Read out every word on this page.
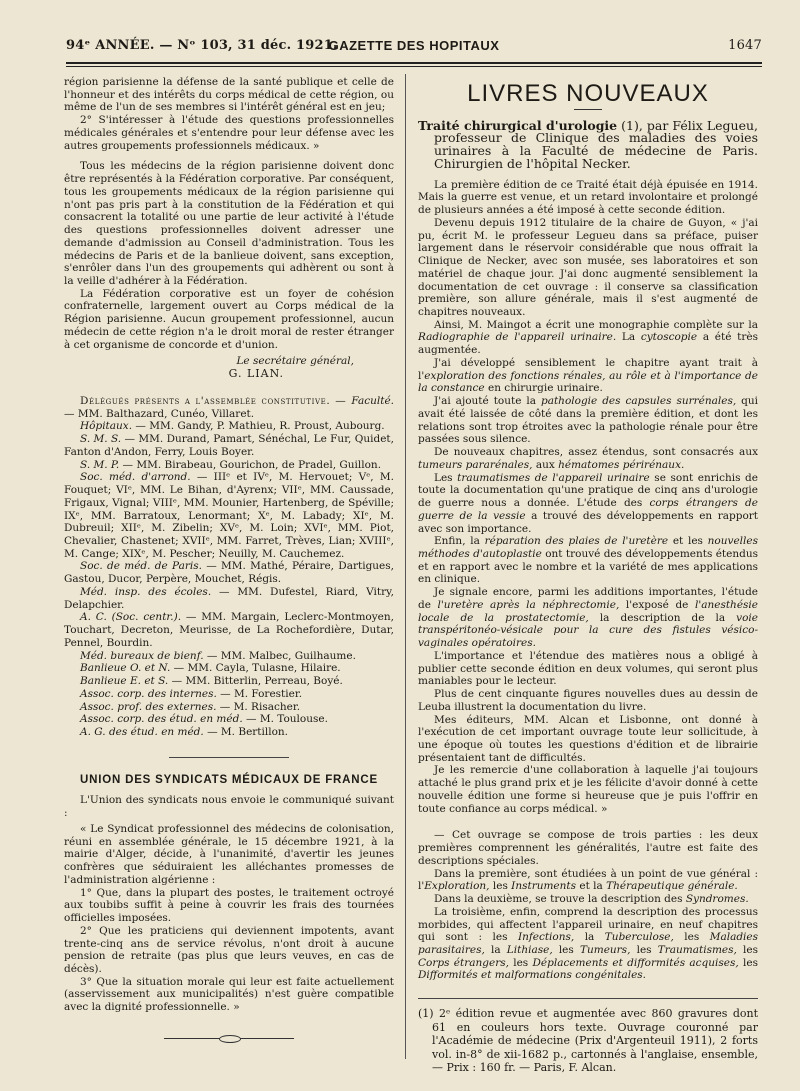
94ᵉ ANNÉE. — Nᵒ 103, 31 déc. 1921.
GAZETTE DES HOPITAUX	1647

région parisienne la défense de la santé publique et celle de l'honneur et des intérêts du corps médical de cette région, ou même de l'un de ses membres si l'intérêt général est en jeu;

2° S'intéresser à l'étude des questions professionnelles médicales générales et s'entendre pour leur défense avec les autres groupements professionnels médicaux. »

Tous les médecins de la région parisienne doivent donc être représentés à la Fédération corporative. Par conséquent, tous les groupements médicaux de la région parisienne qui n'ont pas pris part à la constitution de la Fédération et qui consacrent la totalité ou une partie de leur activité à l'étude des questions professionnelles doivent adresser une demande d'admission au Conseil d'administration. Tous les médecins de Paris et de la banlieue doivent, sans exception, s'enrôler dans l'un des groupements qui adhèrent ou sont à la veille d'adhérer à la Fédération.

La Fédération corporative est un foyer de cohésion confraternelle, largement ouvert au Corps médical de la Région parisienne. Aucun groupement professionnel, aucun médecin de cette région n'a le droit moral de rester étranger à cet organisme de concorde et d'union.

Le secrétaire général,

G. LIAN.

Délégués présents a l'assemblée constitutive. — Faculté. — MM. Balthazard, Cunéo, Villaret.

Hôpitaux. — MM. Gandy, P. Mathieu, R. Proust, Aubourg.

S. M. S. — MM. Durand, Pamart, Sénéchal, Le Fur, Quidet, Fanton d'Andon, Ferry, Louis Boyer.

S. M. P. — MM. Birabeau, Gourichon, de Pradel, Guillon.

Soc. méd. d'arrond. — IIIᵉ et IVᵉ, M. Hervouet; Vᵉ, M. Fouquet; VIᵉ, MM. Le Bihan, d'Ayrenx; VIIᵉ, MM. Caussade, Frigaux, Vignal; VIIIᵉ, MM. Mounier, Hartenberg, de Spéville; IXᵉ, MM. Barratoux, Lenormant; Xᵉ, M. Labady; XIᵉ, M. Dubreuil; XIIᵉ, M. Zibelin; XVᵉ, M. Loin; XVIᵉ, MM. Piot, Chevalier, Chastenet; XVIIᵉ, MM. Farret, Trèves, Lian; XVIIIᵉ, M. Cange; XIXᵉ, M. Pescher; Neuilly, M. Cauchemez.

Soc. de méd. de Paris. — MM. Mathé, Péraire, Dartigues, Gastou, Ducor, Perpère, Mouchet, Régis.

Méd. insp. des écoles. — MM. Dufestel, Riard, Vitry, Delapchier.

A. C. (Soc. centr.). — MM. Margain, Leclerc-Montmoyen, Touchart, Decreton, Meurisse, de La Rochefordière, Dutar, Pennel, Bourdin.

Méd. bureaux de bienf. — MM. Malbec, Guilhaume.

Banlieue O. et N. — MM. Cayla, Tulasne, Hilaire.

Banlieue E. et S. — MM. Bitterlin, Perreau, Boyé.

Assoc. corp. des internes. — M. Forestier.

Assoc. prof. des externes. — M. Risacher.

Assoc. corp. des étud. en méd. — M. Toulouse.

A. G. des étud. en méd. — M. Bertillon.

UNION DES SYNDICATS MÉDICAUX DE FRANCE

L'Union des syndicats nous envoie le communiqué suivant :

« Le Syndicat professionnel des médecins de colonisation, réuni en assemblée générale, le 15 décembre 1921, à la mairie d'Alger, décide, à l'unanimité, d'avertir les jeunes confrères que séduiraient les alléchantes promesses de l'administration algérienne :

1° Que, dans la plupart des postes, le traitement octroyé aux toubibs suffit à peine à couvrir les frais des tournées officielles imposées.

2° Que les praticiens qui deviennent impotents, avant trente-cinq ans de service révolus, n'ont droit à aucune pension de retraite (pas plus que leurs veuves, en cas de décès).

3° Que la situation morale qui leur est faite actuellement (asservissement aux municipalités) n'est guère compatible avec la dignité professionnelle. »

LIVRES NOUVEAUX

Traité chirurgical d'urologie (1), par Félix Legueu, professeur de Clinique des maladies des voies urinaires à la Faculté de médecine de Paris. Chirurgien de l'hôpital Necker.

La première édition de ce Traité était déjà épuisée en 1914. Mais la guerre est venue, et un retard involontaire et prolongé de plusieurs années a été imposé à cette seconde édition.

Devenu depuis 1912 titulaire de la chaire de Guyon, « j'ai pu, écrit M. le professeur Legueu dans sa préface, puiser largement dans le réservoir considérable que nous offrait la Clinique de Necker, avec son musée, ses laboratoires et son matériel de chaque jour. J'ai donc augmenté sensiblement la documentation de cet ouvrage : il conserve sa classification première, son allure générale, mais il s'est augmenté de chapitres nouveaux.

Ainsi, M. Maingot a écrit une monographie complète sur la Radiographie de l'appareil urinaire. La cytoscopie a été très augmentée.

J'ai développé sensiblement le chapitre ayant trait à l'exploration des fonctions rénales, au rôle et à l'importance de la constance en chirurgie urinaire.

J'ai ajouté toute la pathologie des capsules surrénales, qui avait été laissée de côté dans la première édition, et dont les relations sont trop étroites avec la pathologie rénale pour être passées sous silence.

De nouveaux chapitres, assez étendus, sont consacrés aux tumeurs pararénales, aux hématomes périrénaux.

Les traumatismes de l'appareil urinaire se sont enrichis de toute la documentation qu'une pratique de cinq ans d'urologie de guerre nous a donnée. L'étude des corps étrangers de guerre de la vessie a trouvé des développements en rapport avec son importance.

Enfin, la réparation des plaies de l'uretère et les nouvelles méthodes d'autoplastie ont trouvé des développements étendus et en rapport avec le nombre et la variété de mes applications en clinique.

Je signale encore, parmi les additions importantes, l'étude de l'uretère après la néphrectomie, l'exposé de l'anesthésie locale de la prostatectomie, la description de la voie transpéritonéo-vésicale pour la cure des fistules vésico-vaginales opératoires.

L'importance et l'étendue des matières nous a obligé à publier cette seconde édition en deux volumes, qui seront plus maniables pour le lecteur.

Plus de cent cinquante figures nouvelles dues au dessin de Leuba illustrent la documentation du livre.

Mes éditeurs, MM. Alcan et Lisbonne, ont donné à l'exécution de cet important ouvrage toute leur sollicitude, à une époque où toutes les questions d'édition et de librairie présentaient tant de difficultés.

Je les remercie d'une collaboration à laquelle j'ai toujours attaché le plus grand prix et je les félicite d'avoir donné à cette nouvelle édition une forme si heureuse que je puis l'offrir en toute confiance au corps médical. »

— Cet ouvrage se compose de trois parties : les deux premières comprennent les généralités, l'autre est faite des descriptions spéciales.

Dans la première, sont étudiées à un point de vue général : l'Exploration, les Instruments et la Thérapeutique générale.

Dans la deuxième, se trouve la description des Syndromes.

La troisième, enfin, comprend la description des processus morbides, qui affectent l'appareil urinaire, en neuf chapitres qui sont : les Infections, la Tuberculose, les Maladies parasitaires, la Lithiase, les Tumeurs, les Traumatismes, les Corps étrangers, les Déplacements et difformités acquises, les Difformités et malformations congénitales.

(1) 2ᵉ édition revue et augmentée avec 860 gravures dont 61 en couleurs hors texte. Ouvrage couronné par l'Académie de médecine (Prix d'Argenteuil 1911), 2 forts vol. in-8° de xii-1682 p., cartonnés à l'anglaise, ensemble, — Prix : 160 fr. — Paris, F. Alcan.
